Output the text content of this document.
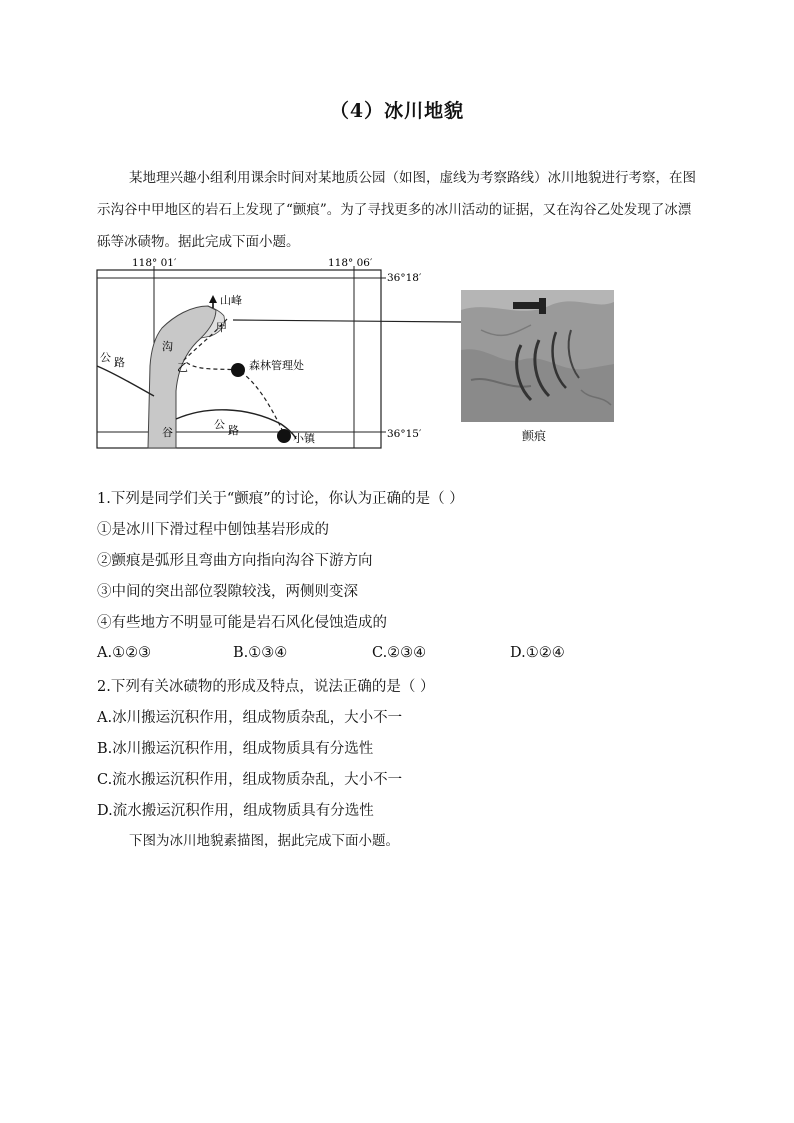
（4）冰川地貌
某地理兴趣小组利用课余时间对某地质公园（如图，虚线为考察路线）冰川地貌进行考察，在图示沟谷中甲地区的岩石上发现了“颤痕”。为了寻找更多的冰川活动的证据，又在沟谷乙处发现了冰漂砾等冰碛物。据此完成下面小题。
118° 01′	118° 06′
36°18′
36°15′
山峰
甲
乙
沟
谷
公 路
公 路
森林管理处
小镇	颤痕
1.下列是同学们关于“颤痕”的讨论，你认为正确的是（ ）
①是冰川下滑过程中刨蚀基岩形成的
②颤痕是弧形且弯曲方向指向沟谷下游方向
③中间的突出部位裂隙较浅，两侧则变深
④有些地方不明显可能是岩石风化侵蚀造成的
A.①②③	B.①③④	C.②③④	D.①②④
2.下列有关冰碛物的形成及特点，说法正确的是（ ）
A.冰川搬运沉积作用，组成物质杂乱，大小不一
B.冰川搬运沉积作用，组成物质具有分选性
C.流水搬运沉积作用，组成物质杂乱，大小不一
D.流水搬运沉积作用，组成物质具有分选性
下图为冰川地貌素描图，据此完成下面小题。
